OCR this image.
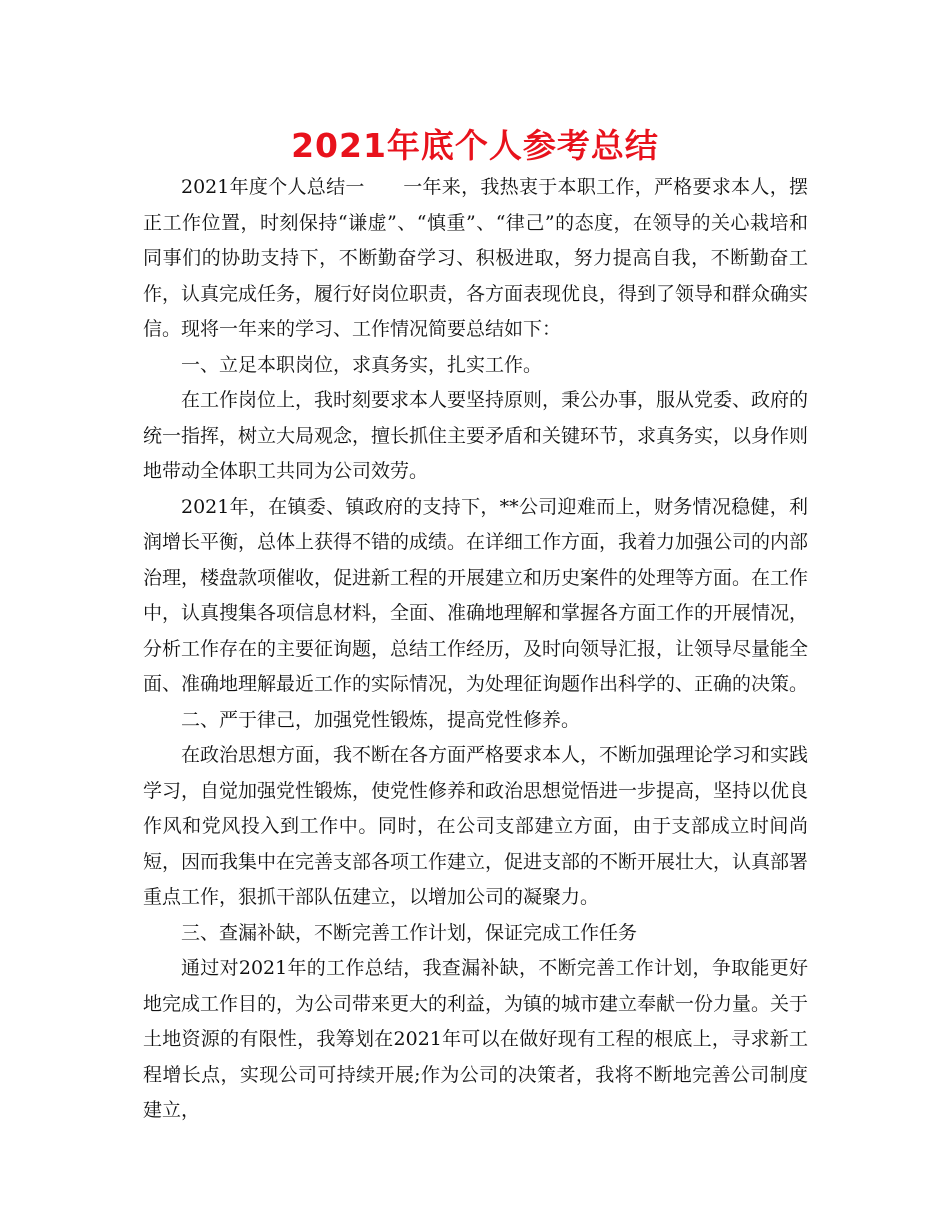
2021年底个人参考总结

2021年度个人总结一　　一年来，我热衷于本职工作，严格要求本人，摆正工作位置，时刻保持“谦虚”、“慎重”、“律己”的态度，在领导的关心栽培和同事们的协助支持下，不断勤奋学习、积极进取，努力提高自我，不断勤奋工作，认真完成任务，履行好岗位职责，各方面表现优良，得到了领导和群众确实信。现将一年来的学习、工作情况简要总结如下：

一、立足本职岗位，求真务实，扎实工作。

在工作岗位上，我时刻要求本人要坚持原则，秉公办事，服从党委、政府的统一指挥，树立大局观念，擅长抓住主要矛盾和关键环节，求真务实，以身作则地带动全体职工共同为公司效劳。

2021年，在镇委、镇政府的支持下，**公司迎难而上，财务情况稳健，利润增长平衡，总体上获得不错的成绩。在详细工作方面，我着力加强公司的内部治理，楼盘款项催收，促进新工程的开展建立和历史案件的处理等方面。在工作中，认真搜集各项信息材料，全面、准确地理解和掌握各方面工作的开展情况，分析工作存在的主要征询题，总结工作经历，及时向领导汇报，让领导尽量能全面、准确地理解最近工作的实际情况，为处理征询题作出科学的、正确的决策。

二、严于律己，加强党性锻炼，提高党性修养。

在政治思想方面，我不断在各方面严格要求本人，不断加强理论学习和实践学习，自觉加强党性锻炼，使党性修养和政治思想觉悟进一步提高，坚持以优良作风和党风投入到工作中。同时，在公司支部建立方面，由于支部成立时间尚短，因而我集中在完善支部各项工作建立，促进支部的不断开展壮大，认真部署重点工作，狠抓干部队伍建立，以增加公司的凝聚力。

三、查漏补缺，不断完善工作计划，保证完成工作任务

通过对2021年的工作总结，我查漏补缺，不断完善工作计划，争取能更好地完成工作目的，为公司带来更大的利益，为镇的城市建立奉献一份力量。关于土地资源的有限性，我筹划在2021年可以在做好现有工程的根底上，寻求新工程增长点，实现公司可持续开展;作为公司的决策者，我将不断地完善公司制度建立，
